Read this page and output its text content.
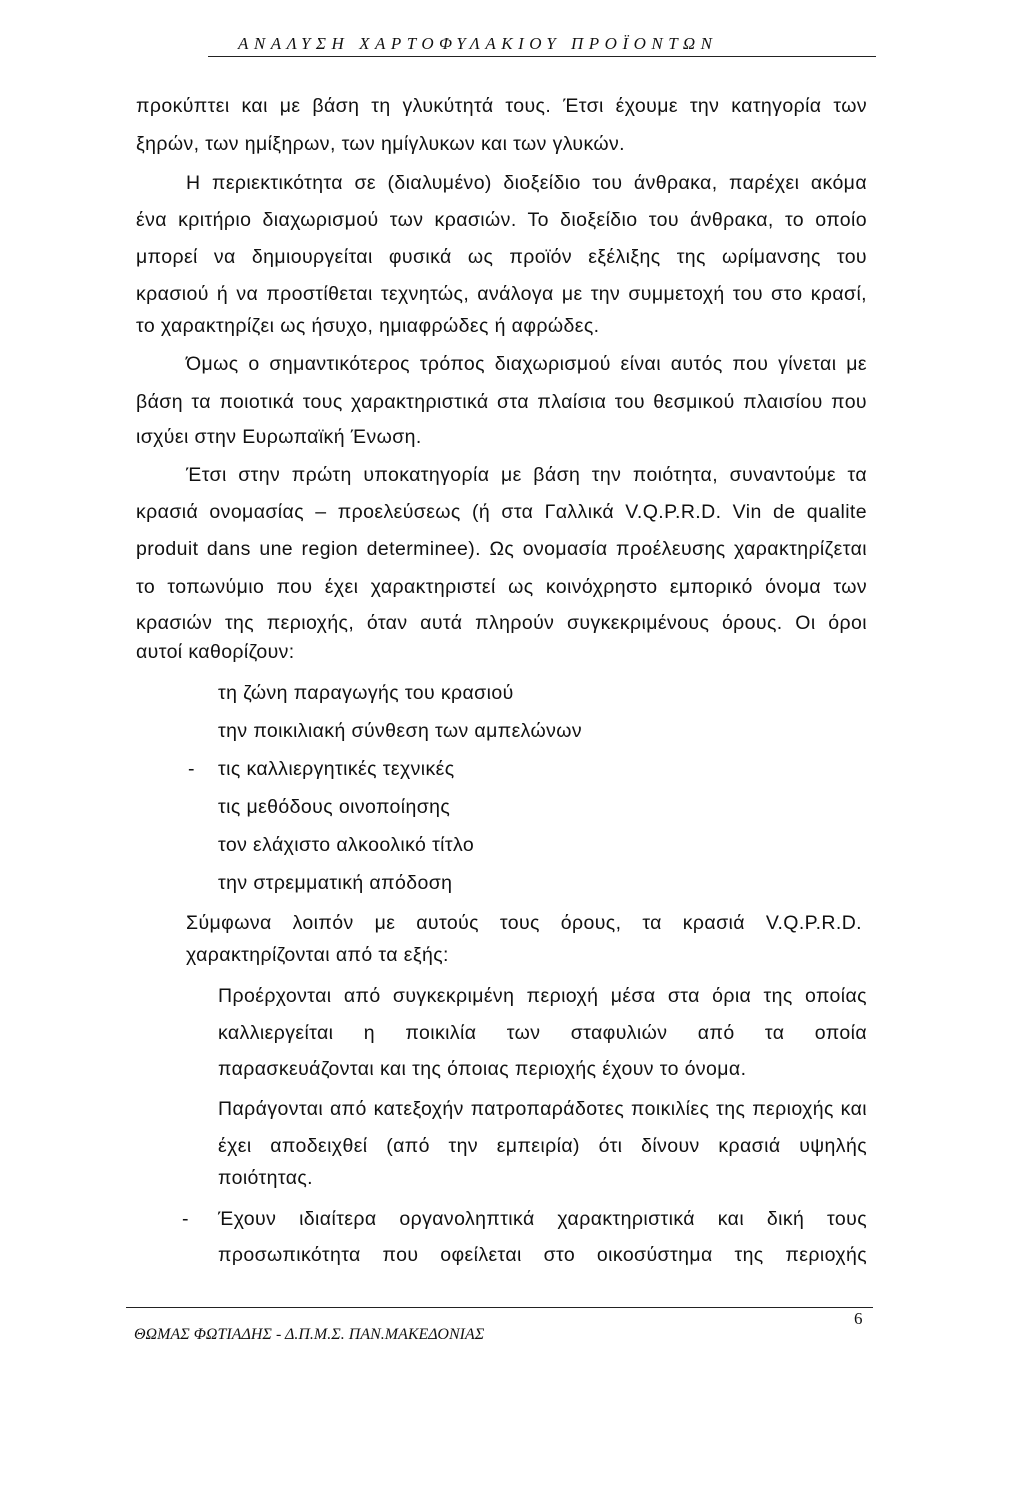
ΑΝΑΛΥΣΗ ΧΑΡΤΟΦΥΛΑΚΙΟΥ ΠΡΟΪΟΝΤΩΝ
προκύπτει και με βάση τη γλυκύτητά τους. Έτσι έχουμε την κατηγορία των
ξηρών, των ημίξηρων, των ημίγλυκων και των γλυκών.
Η περιεκτικότητα σε (διαλυμένο) διοξείδιο του άνθρακα, παρέχει ακόμα
ένα κριτήριο διαχωρισμού των κρασιών. Το διοξείδιο του άνθρακα, το οποίο
μπορεί να δημιουργείται φυσικά ως προϊόν εξέλιξης της ωρίμανσης του
κρασιού ή να προστίθεται τεχνητώς, ανάλογα με την συμμετοχή του στο κρασί,
το χαρακτηρίζει ως ήσυχο, ημιαφρώδες ή αφρώδες.
Όμως ο σημαντικότερος τρόπος διαχωρισμού είναι αυτός που γίνεται με
βάση τα ποιοτικά τους χαρακτηριστικά στα πλαίσια του θεσμικού πλαισίου που
ισχύει στην Ευρωπαϊκή Ένωση.
Έτσι στην πρώτη υποκατηγορία με βάση την ποιότητα, συναντούμε τα
κρασιά ονομασίας – προελεύσεως (ή στα Γαλλικά V.Q.P.R.D. Vin de qualite
produit dans une region determinee). Ως ονομασία προέλευσης χαρακτηρίζεται
το τοπωνύμιο που έχει χαρακτηριστεί ως κοινόχρηστο εμπορικό όνομα των
κρασιών της περιοχής, όταν αυτά πληρούν συγκεκριμένους όρους. Οι όροι
αυτοί καθορίζουν:
τη ζώνη παραγωγής του κρασιού
την ποικιλιακή σύνθεση των αμπελώνων
- τις καλλιεργητικές τεχνικές
τις μεθόδους οινοποίησης
τον ελάχιστο αλκοολικό τίτλο
την στρεμματική απόδοση
Σύμφωνα λοιπόν με αυτούς τους όρους, τα κρασιά V.Q.P.R.D.
χαρακτηρίζονται από τα εξής:
Προέρχονται από συγκεκριμένη περιοχή μέσα στα όρια της οποίας
καλλιεργείται η ποικιλία των σταφυλιών από τα οποία
παρασκευάζονται και της όποιας περιοχής έχουν το όνομα.
Παράγονται από κατεξοχήν πατροπαράδοτες ποικιλίες της περιοχής και
έχει αποδειχθεί (από την εμπειρία) ότι δίνουν κρασιά υψηλής
ποιότητας.
- Έχουν ιδιαίτερα οργανοληπτικά χαρακτηριστικά και δική τους
προσωπικότητα που οφείλεται στο οικοσύστημα της περιοχής
ΘΩΜΑΣ ΦΩΤΙΑΔΗΣ - Δ.Π.Μ.Σ. ΠΑΝ.ΜΑΚΕΔΟΝΙΑΣ
6
